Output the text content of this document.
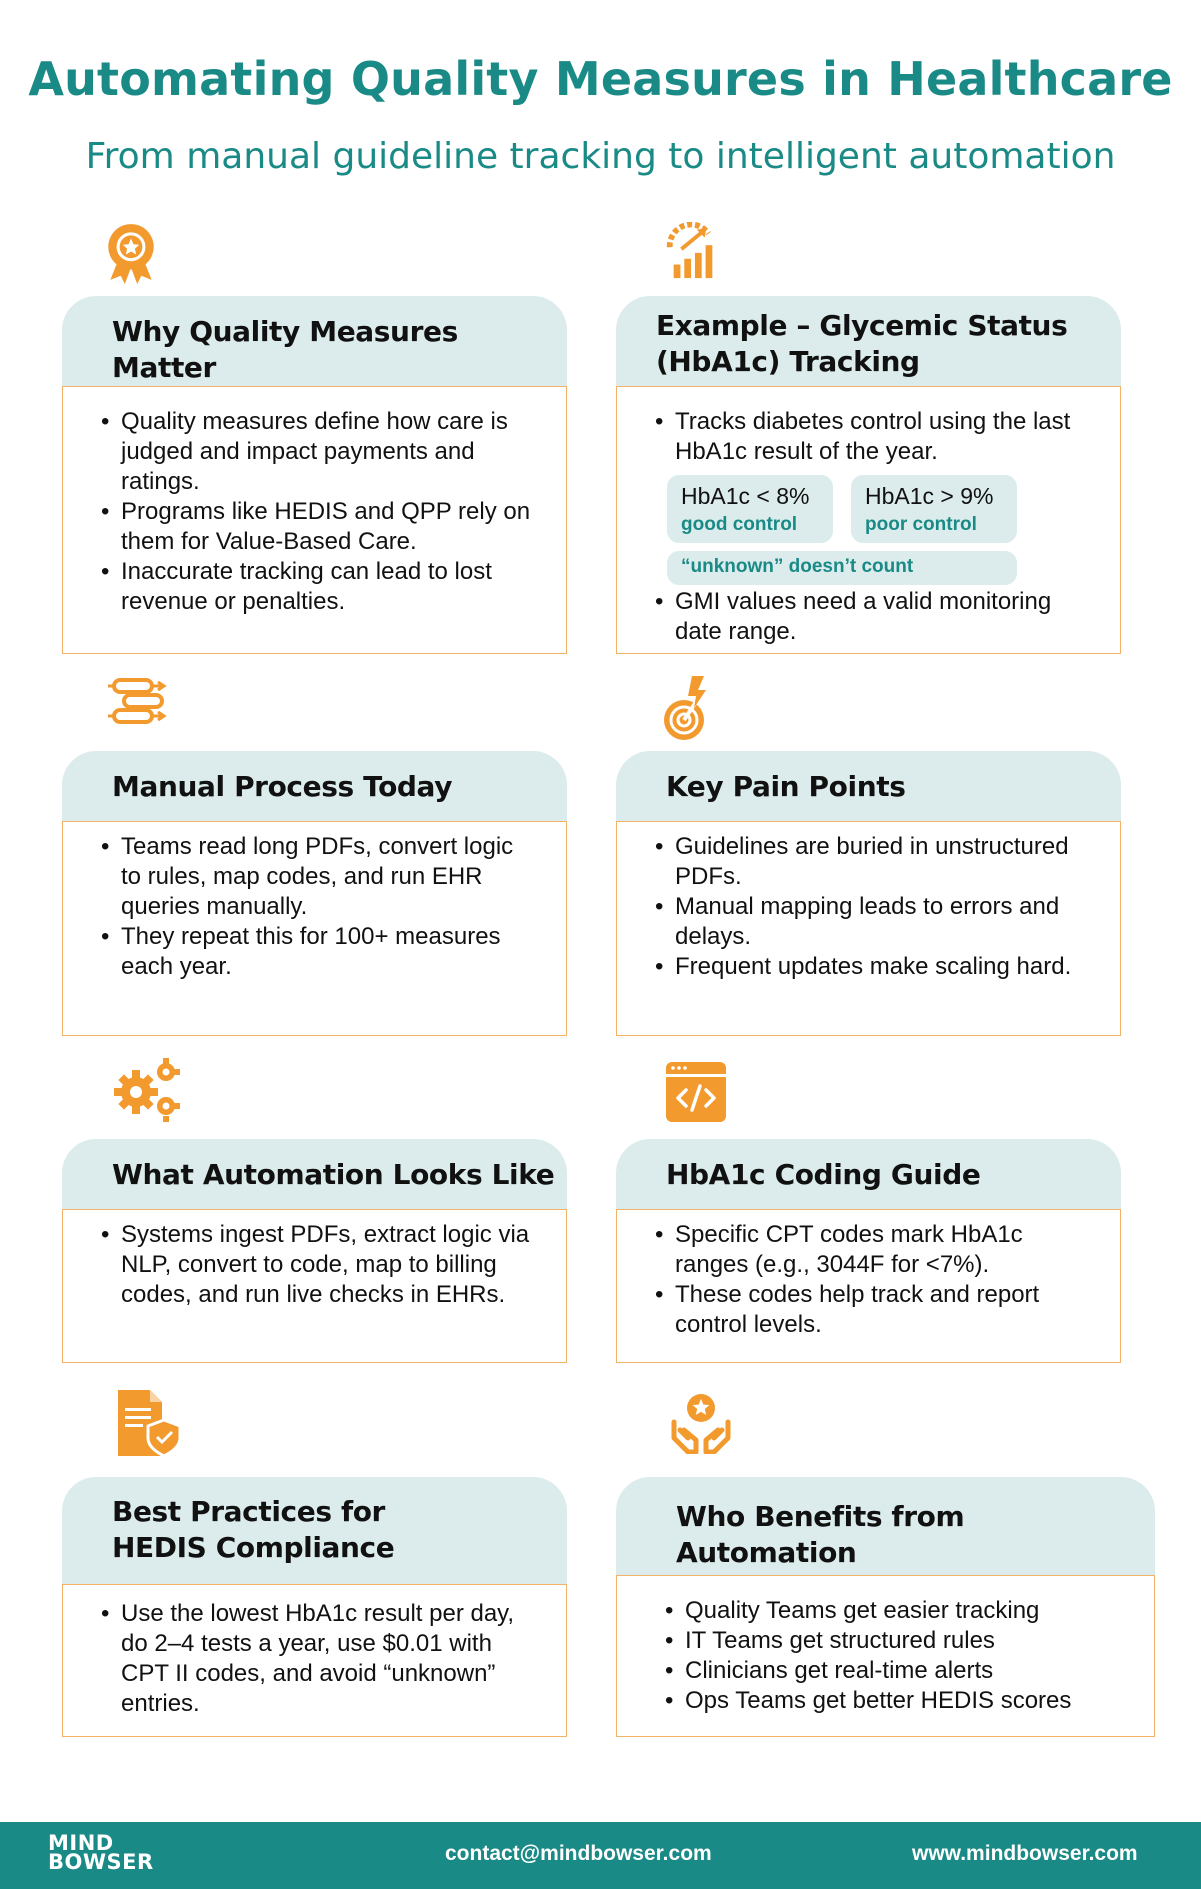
Automating Quality Measures in Healthcare
From manual guideline tracking to intelligent automation
Why Quality Measures Matter
• Quality measures define how care is judged and impact payments and ratings.
• Programs like HEDIS and QPP rely on them for Value-Based Care.
• Inaccurate tracking can lead to lost revenue or penalties.
Example – Glycemic Status
(HbA1c) Tracking
• Tracks diabetes control using the last HbA1c result of the year.
HbA1c < 8%
good control
HbA1c > 9%
poor control
“unknown” doesn’t count
• GMI values need a valid monitoring date range.
Manual Process Today
• Teams read long PDFs, convert logic to rules, map codes, and run EHR queries manually.
• They repeat this for 100+ measures each year.
Key Pain Points
• Guidelines are buried in unstructured PDFs.
• Manual mapping leads to errors and delays.
• Frequent updates make scaling hard.
What Automation Looks Like
• Systems ingest PDFs, extract logic via NLP, convert to code, map to billing codes, and run live checks in EHRs.
HbA1c Coding Guide
• Specific CPT codes mark HbA1c ranges (e.g., 3044F for <7%).
• These codes help track and report control levels.
Best Practices for
HEDIS Compliance
• Use the lowest HbA1c result per day, do 2–4 tests a year, use $0.01 with CPT II codes, and avoid “unknown” entries.
Who Benefits from Automation
• Quality Teams get easier tracking
• IT Teams get structured rules
• Clinicians get real-time alerts
• Ops Teams get better HEDIS scores
MIND
BOWSER	contact@mindbowser.com	www.mindbowser.com
